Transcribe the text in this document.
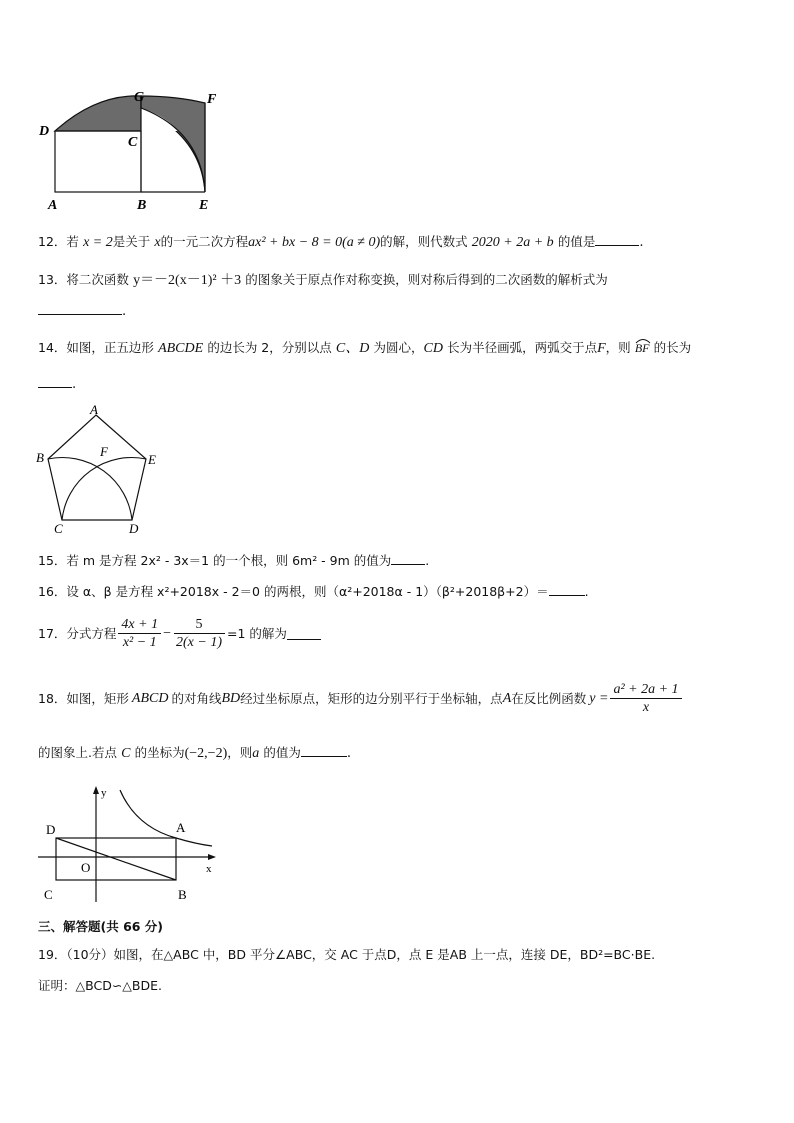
G	F
D
C
A	B	E
12．若 x = 2是关于 x的一元二次方程ax² + bx − 8 = 0(a ≠ 0)的解，则代数式 2020 + 2a + b 的值是	.
13．将二次函数 y＝－2(x－1)² ＋3 的图象关于原点作对称变换，则对称后得到的二次函数的解析式为
.
14．如图，正五边形 ABCDE 的边长为 2，分别以点 C、D 为圆心，CD 长为半径画弧，两弧交于点F，则 BF 的长为
.
A
B	F
E
C	D
15．若 m 是方程 2x² - 3x＝1 的一个根，则 6m² - 9m 的值为	.
16．设 α、β 是方程 x²+2018x - 2＝0 的两根，则（α²+2018α - 1）（β²+2018β+2）＝	.
17． 分式方程 $\frac{4x + 1}{\text{x² − 1}} - \frac{5}{2(x - 1)} =1$ 的解为
18． 如图，矩形 ABCD 的对角线 BD 经过坐标原点，矩形的边分别平行于坐标轴，点 A 在反比例函数 $y = \frac{\text{a² + 2a + 1}}{x}$
的图象上.若点 C 的坐标为(−2,−2)，则a 的值为	.
y
x
D	A
O
C	B
三、解答题(共 66 分)
19．（10分）如图，在△ABC 中，BD 平分∠ABC，交 AC 于点D，点 E 是AB 上一点，连接 DE，BD²=BC·BE.
证明：△BCD∽△BDE.
